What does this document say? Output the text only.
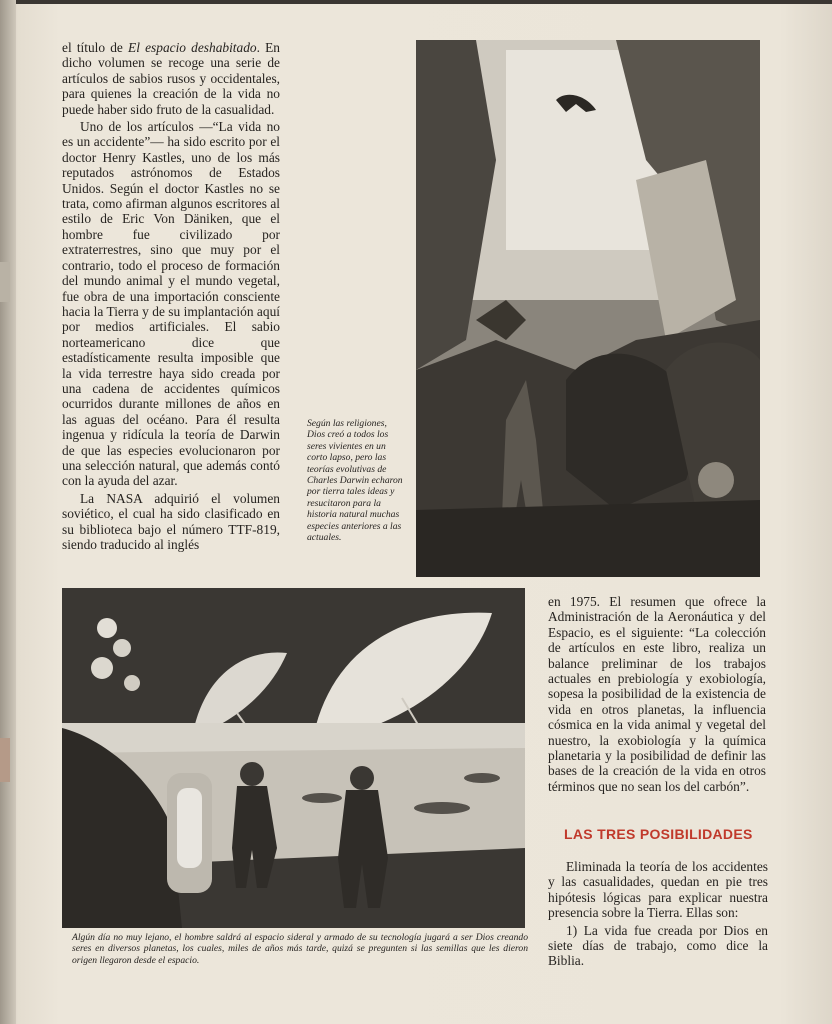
el título de El espacio deshabitado. En dicho volumen se recoge una serie de artículos de sabios rusos y occidentales, para quienes la creación de la vida no puede haber sido fruto de la casualidad.

Uno de los artículos —“La vida no es un accidente”— ha sido escrito por el doctor Henry Kastles, uno de los más reputados astrónomos de Estados Unidos. Según el doctor Kastles no se trata, como afirman algunos escritores al estilo de Eric Von Däniken, que el hombre fue civilizado por extraterrestres, sino que muy por el contrario, todo el proceso de formación del mundo animal y el mundo vegetal, fue obra de una importación consciente hacia la Tierra y de su implantación aquí por medios artificiales. El sabio norteamericano dice que estadísticamente resulta imposible que la vida terrestre haya sido creada por una cadena de accidentes químicos ocurridos durante millones de años en las aguas del océano. Para él resulta ingenua y ridícula la teoría de Darwin de que las especies evolucionaron por una selección natural, que además contó con la ayuda del azar.

La NASA adquirió el volumen soviético, el cual ha sido clasificado en su biblioteca bajo el número TTF-819, siendo traducido al inglés

Según las religiones, Dios creó a todos los seres vivientes en un corto lapso, pero las teorías evolutivas de Charles Darwin echaron por tierra tales ideas y resucitaron para la historia natural muchas especies anteriores a las actuales.

Algún día no muy lejano, el hombre saldrá al espacio sideral y armado de su tecnología jugará a ser Dios creando seres en diversos planetas, los cuales, miles de años más tarde, quizá se pregunten si las semillas que les dieron origen llegaron desde el espacio.

en 1975. El resumen que ofrece la Administración de la Aeronáutica y del Espacio, es el siguiente: “La colección de artículos en este libro, realiza un balance preliminar de los trabajos actuales en prebiología y exobiología, sopesa la posibilidad de la existencia de vida en otros planetas, la influencia cósmica en la vida animal y vegetal del nuestro, la exobiología y la química planetaria y la posibilidad de definir las bases de la creación de la vida en otros términos que no sean los del carbón”.

LAS TRES POSIBILIDADES

Eliminada la teoría de los accidentes y las casualidades, quedan en pie tres hipótesis lógicas para explicar nuestra presencia sobre la Tierra. Ellas son:

1) La vida fue creada por Dios en siete días de trabajo, como dice la Biblia.
